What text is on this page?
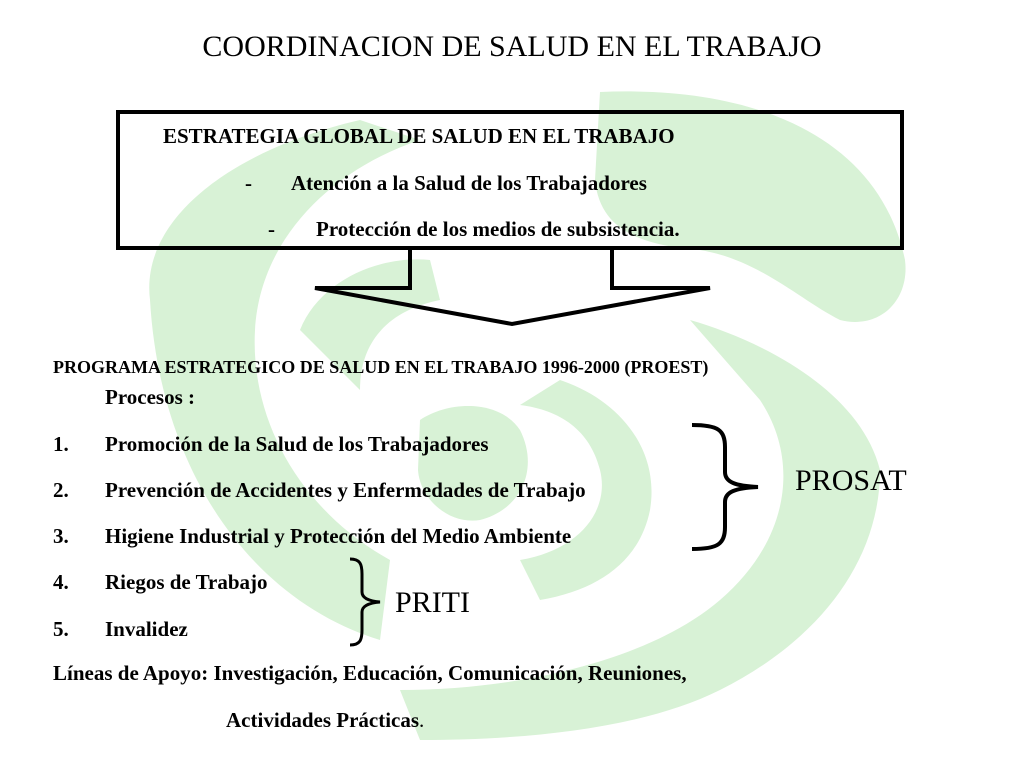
COORDINACION DE SALUD EN EL TRABAJO
ESTRATEGIA GLOBAL DE SALUD EN EL TRABAJO
- Atención a la Salud de los Trabajadores
- Protección de los medios de subsistencia.
PROGRAMA ESTRATEGICO DE SALUD EN EL TRABAJO 1996-2000 (PROEST)
Procesos :
1. Promoción de la Salud de los Trabajadores
2. Prevención de Accidentes y Enfermedades de Trabajo
3. Higiene Industrial y Protección del Medio Ambiente
4. Riegos de Trabajo
5. Invalidez
Líneas de Apoyo: Investigación, Educación, Comunicación, Reuniones,
Actividades Prácticas.
PROSAT
PRITI
